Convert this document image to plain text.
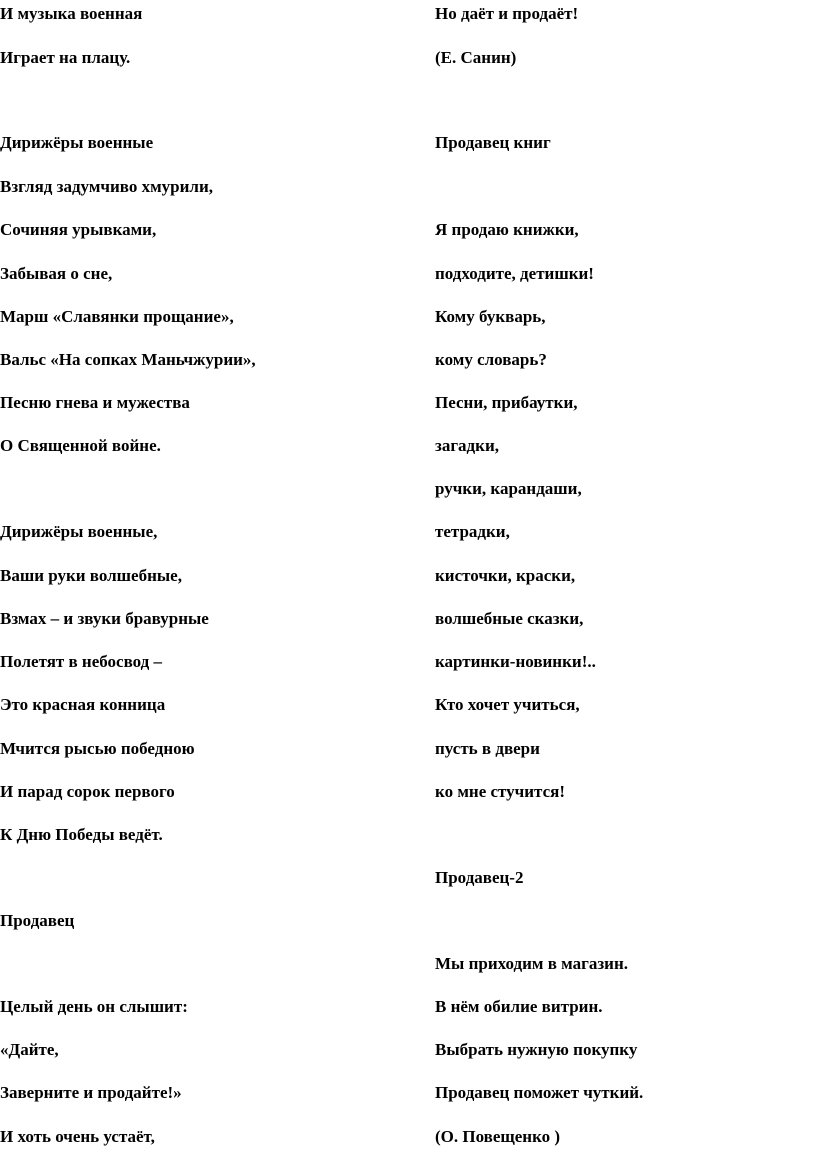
И музыка военная
Играет на плацу.
Дирижёры военные
Взгляд задумчиво хмурили,
Сочиняя урывками,
Забывая о сне,
Марш «Славянки прощание»,
Вальс «На сопках Маньчжурии»,
Песню гнева и мужества
О Священной войне.
Дирижёры военные,
Ваши руки волшебные,
Взмах – и звуки бравурные
Полетят в небосвод –
Это красная конница
Мчится рысью победною
И парад сорок первого
К Дню Победы ведёт.
Продавец
Целый день он слышит:
«Дайте,
Заверните и продайте!»
И хоть очень устаёт,
Но даёт и продаёт!
(Е. Санин)
Продавец книг
Я продаю книжки,
подходите, детишки!
Кому букварь,
кому словарь?
Песни, прибаутки,
загадки,
ручки, карандаши,
тетрадки,
кисточки, краски,
волшебные сказки,
картинки-новинки!..
Кто хочет учиться,
пусть в двери
ко мне стучится!
Продавец-2
Мы приходим в магазин.
В нём обилие витрин.
Выбрать нужную покупку
Продавец поможет чуткий.
(О. Повещенко )
